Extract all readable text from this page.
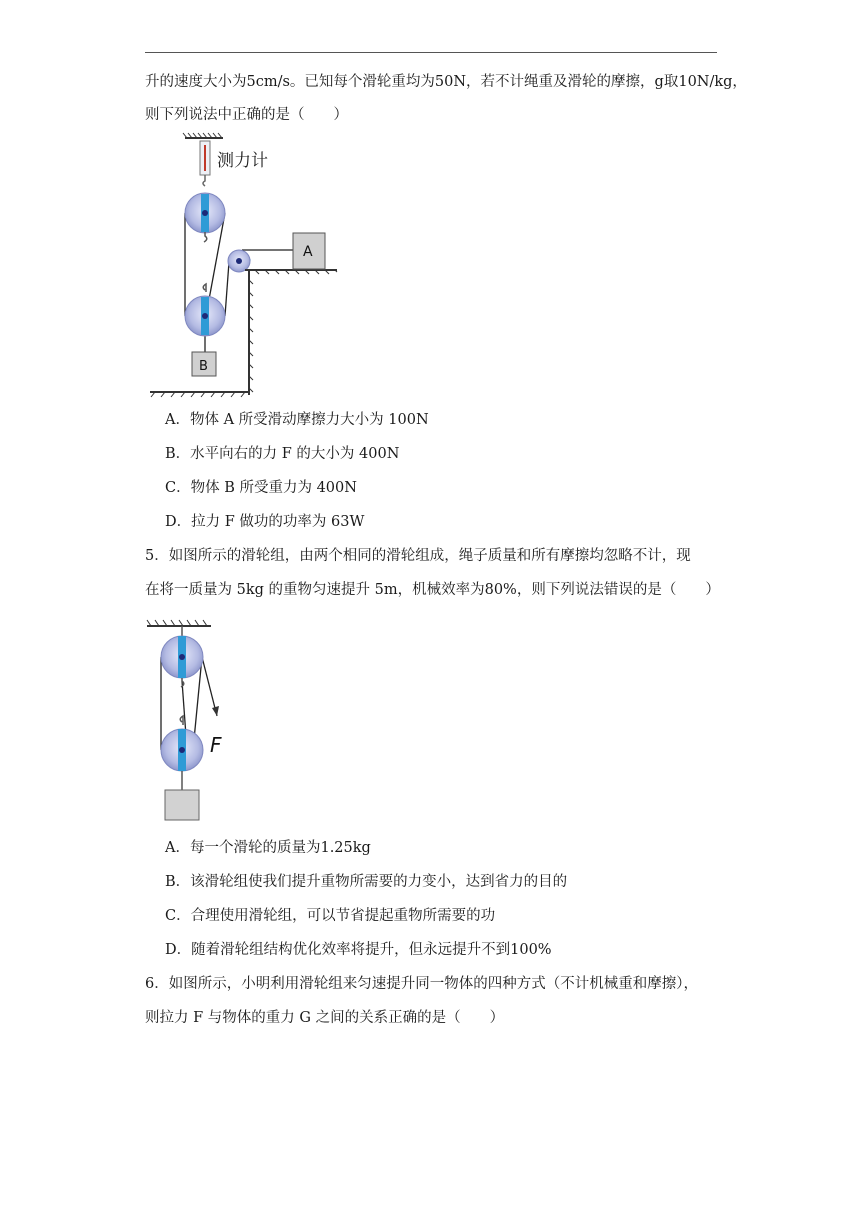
升的速度大小为5cm/s。已知每个滑轮重均为50N，若不计绳重及滑轮的摩擦，g取10N/kg，
则下列说法中正确的是（　　）
测力计
B
A
A．物体 A 所受滑动摩擦力大小为 100N
B．水平向右的力 F 的大小为 400N
C．物体 B 所受重力为 400N
D．拉力 F 做功的功率为 63W
5．如图所示的滑轮组，由两个相同的滑轮组成，绳子质量和所有摩擦均忽略不计，现
在将一质量为 5kg 的重物匀速提升 5m，机械效率为80%，则下列说法错误的是（　　）
F
A．每一个滑轮的质量为1.25kg
B．该滑轮组使我们提升重物所需要的力变小，达到省力的目的
C．合理使用滑轮组，可以节省提起重物所需要的功
D．随着滑轮组结构优化效率将提升，但永远提升不到100%
6．如图所示，小明利用滑轮组来匀速提升同一物体的四种方式（不计机械重和摩擦），
则拉力 F 与物体的重力 G 之间的关系正确的是（　　）
